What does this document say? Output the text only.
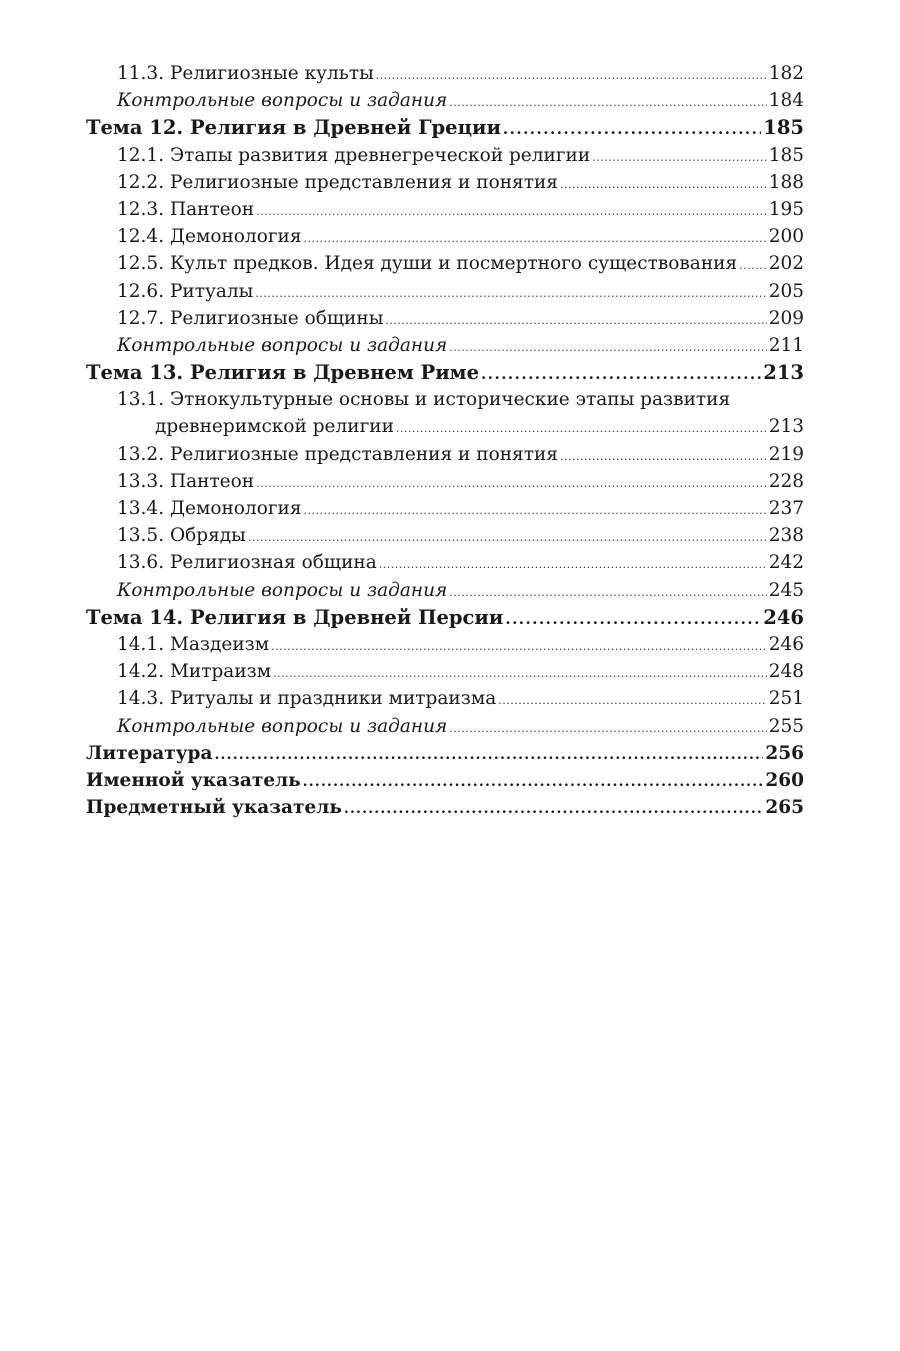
11.3. Религиозные культы .....	182
Контрольные вопросы и задания .....	184
Тема 12. Религия в Древней Греции .....	185
12.1. Этапы развития древнегреческой религии .....	185
12.2. Религиозные представления и понятия .....	188
12.3. Пантеон .....	195
12.4. Демонология .....	200
12.5. Культ предков. Идея души и посмертного существования ..... 202
12.6. Ритуалы .....	205
12.7. Религиозные общины .....	209
Контрольные вопросы и задания .....	211
Тема 13. Религия в Древнем Риме .....	213
13.1. Этнокультурные основы и исторические этапы развития
древнеримской религии .....	213
13.2. Религиозные представления и понятия .....	219
13.3. Пантеон .....	228
13.4. Демонология .....	237
13.5. Обряды .....	238
13.6. Религиозная община .....	242
Контрольные вопросы и задания .....	245
Тема 14. Религия в Древней Персии .....	246
14.1. Маздеизм .....	246
14.2. Митраизм .....	248
14.3. Ритуалы и праздники митраизма .....	251
Контрольные вопросы и задания .....	255
Литература .....	256
Именной указатель .....	260
Предметный указатель .....	265
